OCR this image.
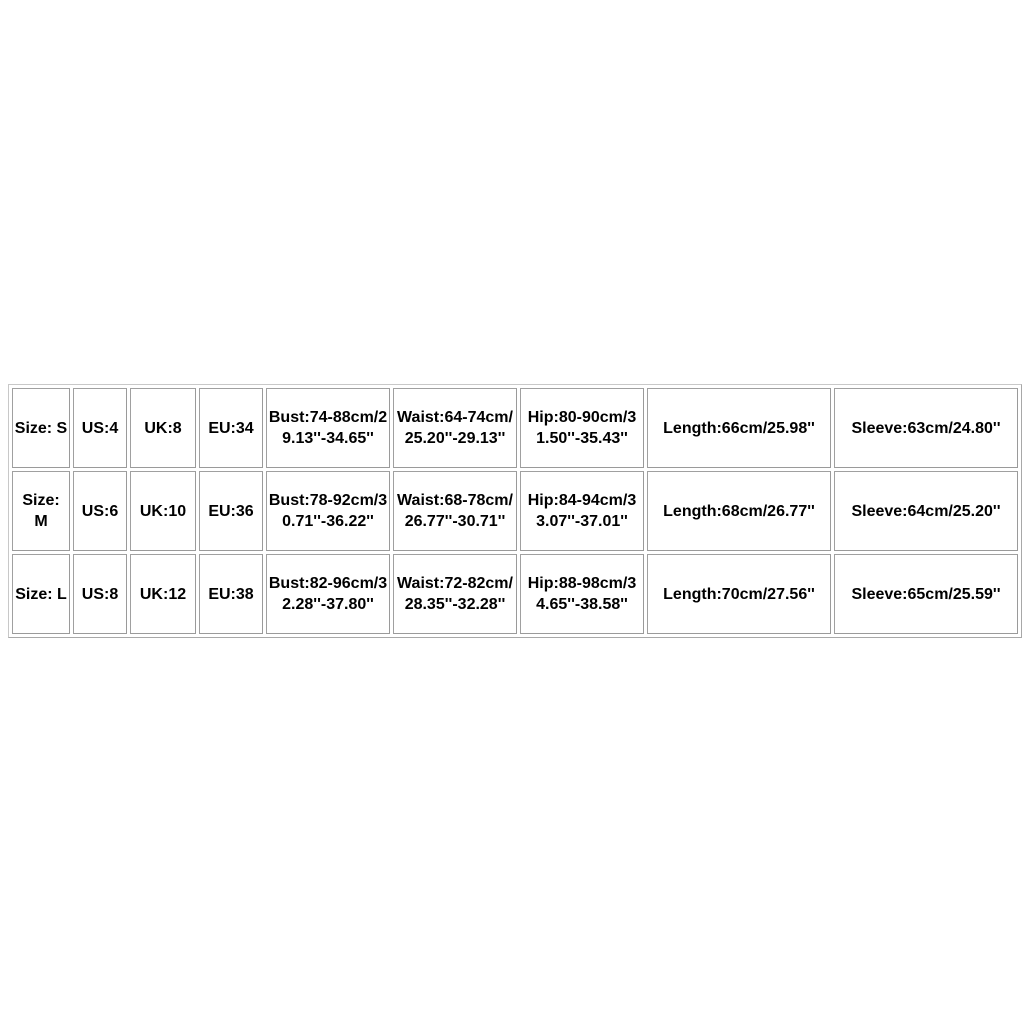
Size: S	US:4	UK:8	EU:34	Bust:74-88cm/29.13''-34.65''	Waist:64-74cm/25.20''-29.13''	Hip:80-90cm/31.50''-35.43''	Length:66cm/25.98''	Sleeve:63cm/24.80''
Size: M	US:6	UK:10	EU:36	Bust:78-92cm/30.71''-36.22''	Waist:68-78cm/26.77''-30.71''	Hip:84-94cm/33.07''-37.01''	Length:68cm/26.77''	Sleeve:64cm/25.20''
Size: L	US:8	UK:12	EU:38	Bust:82-96cm/32.28''-37.80''	Waist:72-82cm/28.35''-32.28''	Hip:88-98cm/34.65''-38.58''	Length:70cm/27.56''	Sleeve:65cm/25.59''
